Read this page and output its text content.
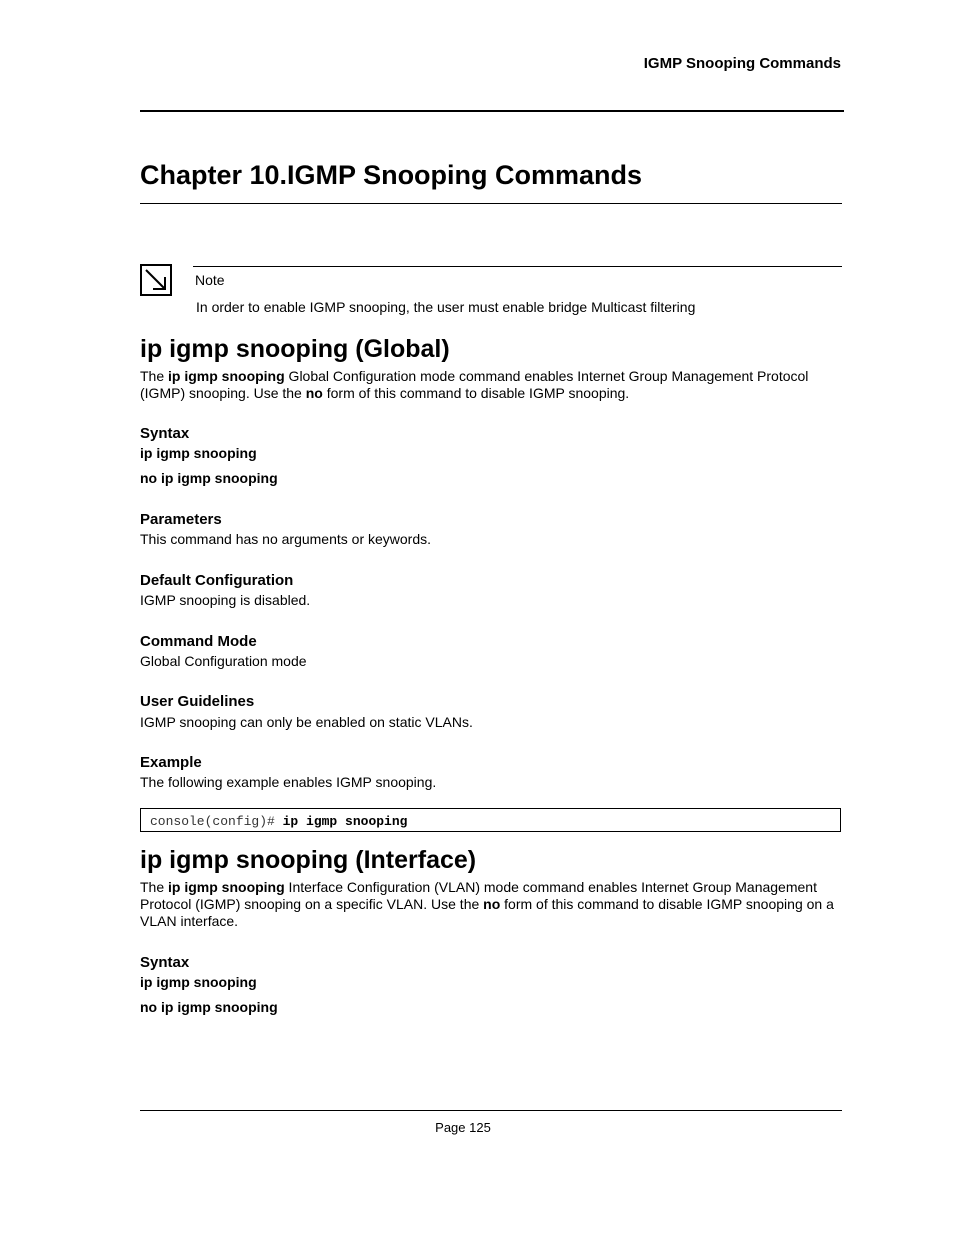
IGMP Snooping Commands
Chapter 10.IGMP Snooping Commands
Note
In order to enable IGMP snooping, the user must enable bridge Multicast filtering
ip igmp snooping (Global)
The ip igmp snooping Global Configuration mode command enables Internet Group Management Protocol (IGMP) snooping. Use the no form of this command to disable IGMP snooping.
Syntax
ip igmp snooping
no ip igmp snooping
Parameters
This command has no arguments or keywords.
Default Configuration
IGMP snooping is disabled.
Command Mode
Global Configuration mode
User Guidelines
IGMP snooping can only be enabled on static VLANs.
Example
The following example enables IGMP snooping.
console(config)# ip igmp snooping
ip igmp snooping (Interface)
The ip igmp snooping Interface Configuration (VLAN) mode command enables Internet Group Management Protocol (IGMP) snooping on a specific VLAN. Use the no form of this command to disable IGMP snooping on a VLAN interface.
Syntax
ip igmp snooping
no ip igmp snooping
Page 125
